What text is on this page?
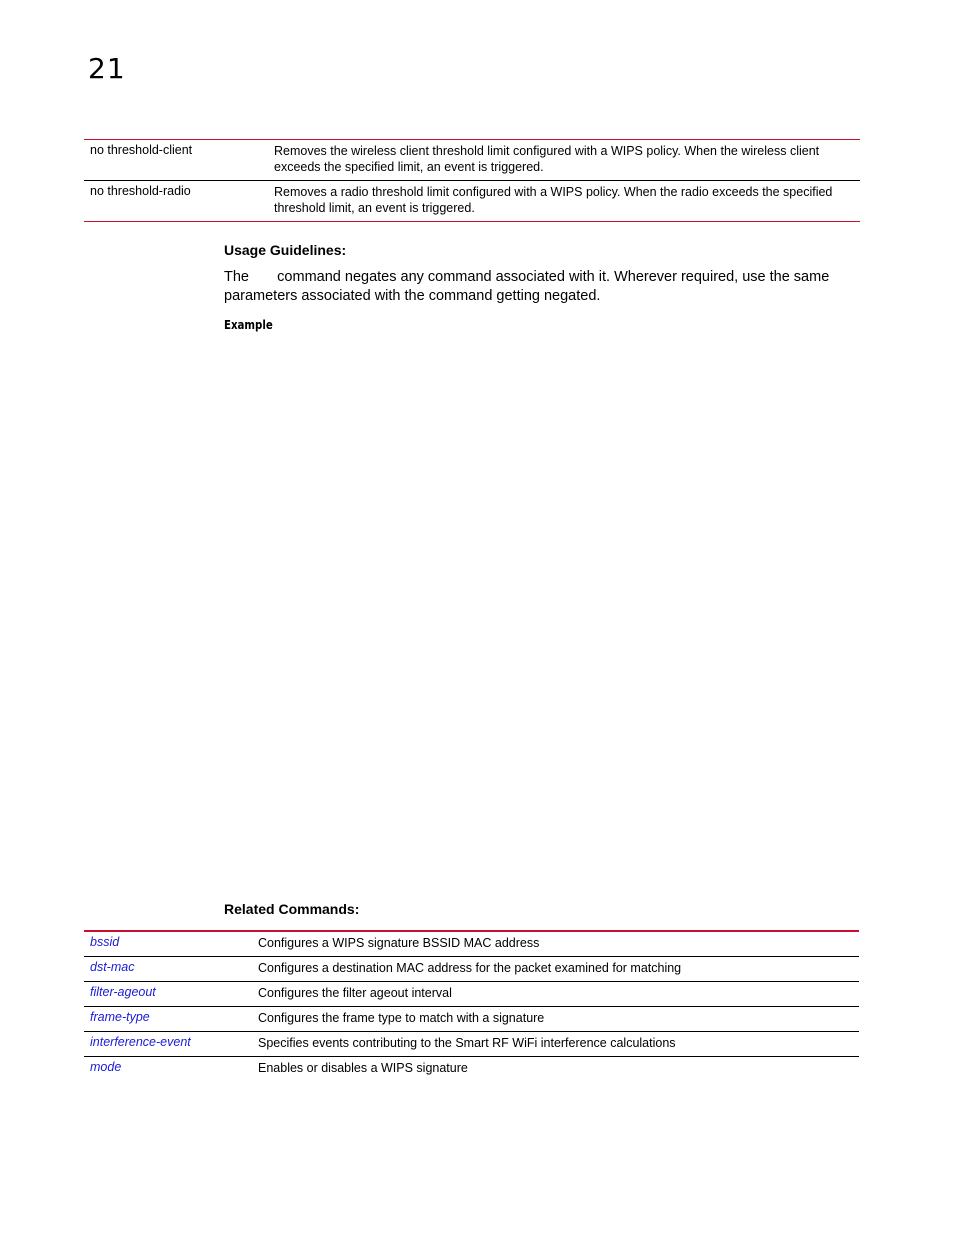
21
no threshold-client	Removes the wireless client threshold limit configured with a WIPS policy. When the wireless client exceeds the specified limit, an event is triggered.
no threshold-radio	Removes a radio threshold limit configured with a WIPS policy. When the radio exceeds the specified threshold limit, an event is triggered.
Usage Guidelines:
The       command negates any command associated with it. Wherever required, use the same parameters associated with the command getting negated.
Example
Related Commands:
bssid	Configures a WIPS signature BSSID MAC address
dst-mac	Configures a destination MAC address for the packet examined for matching
filter-ageout	Configures the filter ageout interval
frame-type	Configures the frame type to match with a signature
interference-event	Specifies events contributing to the Smart RF WiFi interference calculations
mode	Enables or disables a WIPS signature
